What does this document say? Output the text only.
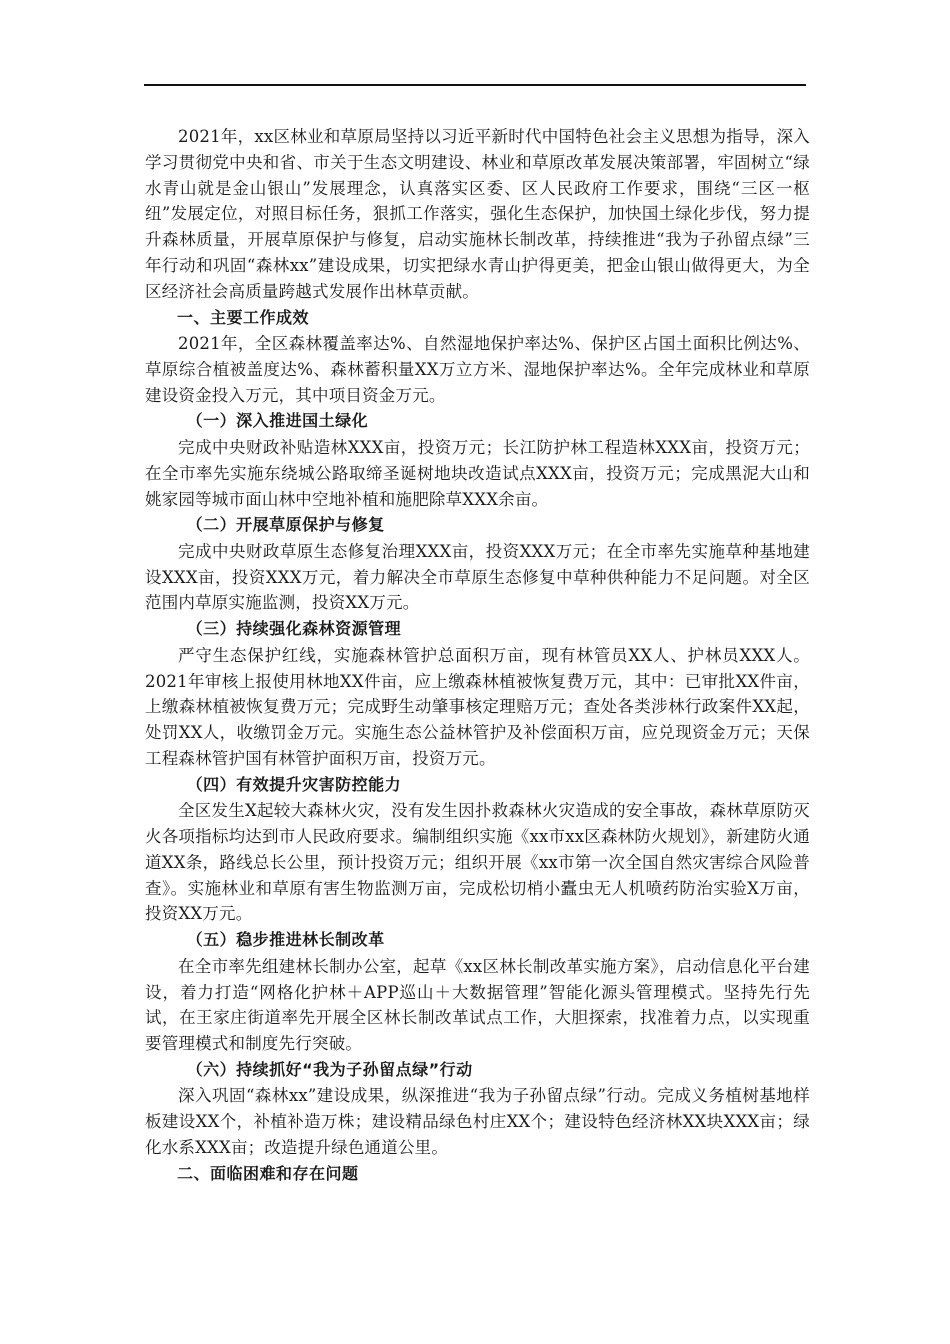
2021年，xx区林业和草原局坚持以习近平新时代中国特色社会主义思想为指导，深入学习贯彻党中央和省、市关于生态文明建设、林业和草原改革发展决策部署，牢固树立“绿水青山就是金山银山”发展理念，认真落实区委、区人民政府工作要求，围绕“三区一枢纽”发展定位，对照目标任务，狠抓工作落实，强化生态保护，加快国土绿化步伐，努力提升森林质量，开展草原保护与修复，启动实施林长制改革，持续推进“我为子孙留点绿”三年行动和巩固“森林xx”建设成果，切实把绿水青山护得更美，把金山银山做得更大，为全区经济社会高质量跨越式发展作出林草贡献。

一、主要工作成效

2021年，全区森林覆盖率达%、自然湿地保护率达%、保护区占国土面积比例达%、草原综合植被盖度达%、森林蓄积量XX万立方米、湿地保护率达%。全年完成林业和草原建设资金投入万元，其中项目资金万元。

（一）深入推进国土绿化

完成中央财政补贴造林XXX亩，投资万元；长江防护林工程造林XXX亩，投资万元；在全市率先实施东绕城公路取缔圣诞树地块改造试点XXX亩，投资万元；完成黑泥大山和姚家园等城市面山林中空地补植和施肥除草XXX余亩。

（二）开展草原保护与修复

完成中央财政草原生态修复治理XXX亩，投资XXX万元；在全市率先实施草种基地建设XXX亩，投资XXX万元，着力解决全市草原生态修复中草种供种能力不足问题。对全区范围内草原实施监测，投资XX万元。

（三）持续强化森林资源管理

严守生态保护红线，实施森林管护总面积万亩，现有林管员XX人、护林员XXX人。2021年审核上报使用林地XX件亩，应上缴森林植被恢复费万元，其中：已审批XX件亩，上缴森林植被恢复费万元；完成野生动肇事核定理赔万元；查处各类涉林行政案件XX起，处罚XX人，收缴罚金万元。实施生态公益林管护及补偿面积万亩，应兑现资金万元；天保工程森林管护国有林管护面积万亩，投资万元。

（四）有效提升灾害防控能力

全区发生X起较大森林火灾，没有发生因扑救森林火灾造成的安全事故，森林草原防灭火各项指标均达到市人民政府要求。编制组织实施《xx市xx区森林防火规划》，新建防火通道XX条，路线总长公里，预计投资万元；组织开展《xx市第一次全国自然灾害综合风险普查》。实施林业和草原有害生物监测万亩，完成松切梢小蠹虫无人机喷药防治实验X万亩，投资XX万元。

（五）稳步推进林长制改革

在全市率先组建林长制办公室，起草《xx区林长制改革实施方案》，启动信息化平台建设，着力打造“网格化护林＋APP巡山＋大数据管理”智能化源头管理模式。坚持先行先试，在王家庄街道率先开展全区林长制改革试点工作，大胆探索，找准着力点，以实现重要管理模式和制度先行突破。

（六）持续抓好“我为子孙留点绿”行动

深入巩固“森林xx”建设成果，纵深推进“我为子孙留点绿”行动。完成义务植树基地样板建设XX个，补植补造万株；建设精品绿色村庄XX个；建设特色经济林XX块XXX亩；绿化水系XXX亩；改造提升绿色通道公里。

二、面临困难和存在问题
